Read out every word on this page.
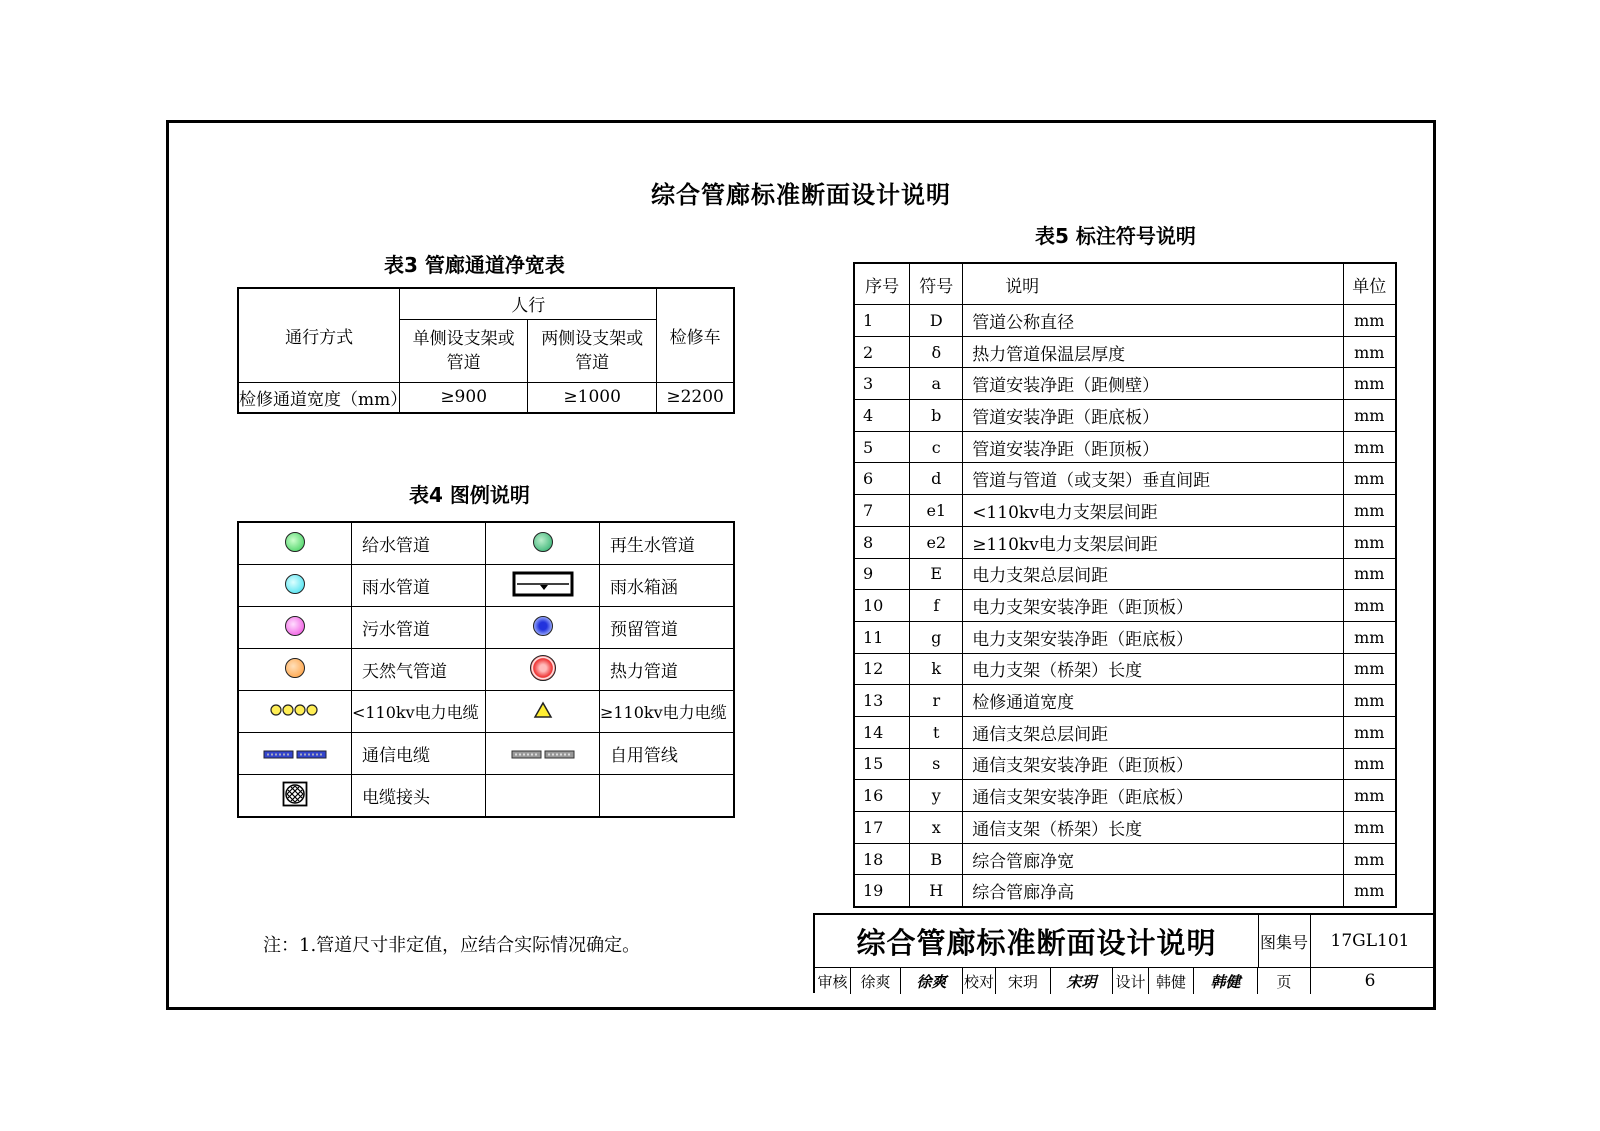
综合管廊标准断面设计说明
表3 管廊通道净宽表
通行方式	人行		检修车
	单侧设支架或管道	两侧设支架或管道	
检修通道宽度（mm）	≥900	≥1000	≥2200
表4 图例说明
	给水管道		再生水管道
	雨水管道		雨水箱涵
	污水管道		预留管道
	天然气管道		热力管道
	<110kv电力电缆		≥110kv电力电缆
	通信电缆		自用管线
	电缆接头		
表5 标注符号说明
序号	符号	说明	单位
1	D	管道公称直径	mm
2	δ	热力管道保温层厚度	mm
3	a	管道安装净距（距侧壁）	mm
4	b	管道安装净距（距底板）	mm
5	c	管道安装净距（距顶板）	mm
6	d	管道与管道（或支架）垂直间距	mm
7	e1	<110kv电力支架层间距	mm
8	e2	≥110kv电力支架层间距	mm
9	E	电力支架总层间距	mm
10	f	电力支架安装净距（距顶板）	mm
11	g	电力支架安装净距（距底板）	mm
12	k	电力支架（桥架）长度	mm
13	r	检修通道宽度	mm
14	t	通信支架总层间距	mm
15	s	通信支架安装净距（距顶板）	mm
16	y	通信支架安装净距（距底板）	mm
17	x	通信支架（桥架）长度	mm
18	B	综合管廊净宽	mm
19	H	综合管廊净高	mm
注：1.管道尺寸非定值，应结合实际情况确定。	综合管廊标准断面设计说明	图集号	17GL101
审核 徐爽	徐爽	校对 宋玥	宋玥	设计 韩健	韩健	页	6
